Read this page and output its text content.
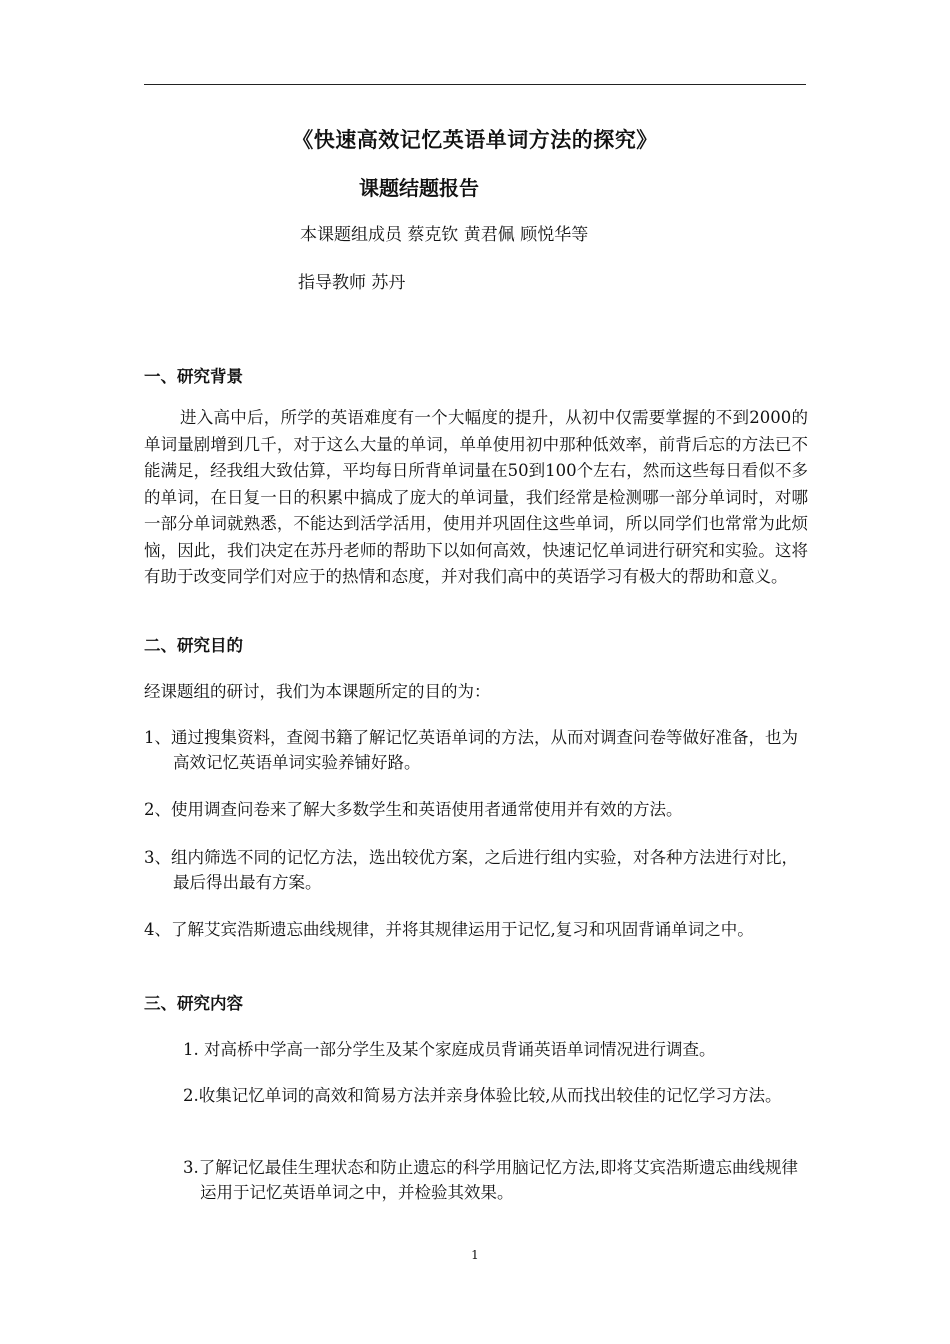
《快速高效记忆英语单词方法的探究》
课题结题报告
本课题组成员 蔡克钦 黄君佩 顾悦华等
指导教师 苏丹
一、研究背景
进入高中后，所学的英语难度有一个大幅度的提升，从初中仅需要掌握的不到2000的单词量剧增到几千，对于这么大量的单词，单单使用初中那种低效率，前背后忘的方法已不能满足，经我组大致估算，平均每日所背单词量在50到100个左右，然而这些每日看似不多的单词，在日复一日的积累中搞成了庞大的单词量，我们经常是检测哪一部分单词时，对哪一部分单词就熟悉，不能达到活学活用，使用并巩固住这些单词，所以同学们也常常为此烦恼，因此，我们决定在苏丹老师的帮助下以如何高效，快速记忆单词进行研究和实验。这将有助于改变同学们对应于的热情和态度，并对我们高中的英语学习有极大的帮助和意义。
二、研究目的
经课题组的研讨，我们为本课题所定的目的为：
1、通过搜集资料，查阅书籍了解记忆英语单词的方法，从而对调查问卷等做好准备，也为高效记忆英语单词实验养铺好路。
2、使用调查问卷来了解大多数学生和英语使用者通常使用并有效的方法。
3、组内筛选不同的记忆方法，选出较优方案，之后进行组内实验，对各种方法进行对比，最后得出最有方案。
4、了解艾宾浩斯遗忘曲线规律，并将其规律运用于记忆,复习和巩固背诵单词之中。
三、研究内容
1. 对高桥中学高一部分学生及某个家庭成员背诵英语单词情况进行调查。
2.收集记忆单词的高效和简易方法并亲身体验比较,从而找出较佳的记忆学习方法。
3.了解记忆最佳生理状态和防止遗忘的科学用脑记忆方法,即将艾宾浩斯遗忘曲线规律运用于记忆英语单词之中，并检验其效果。
1
